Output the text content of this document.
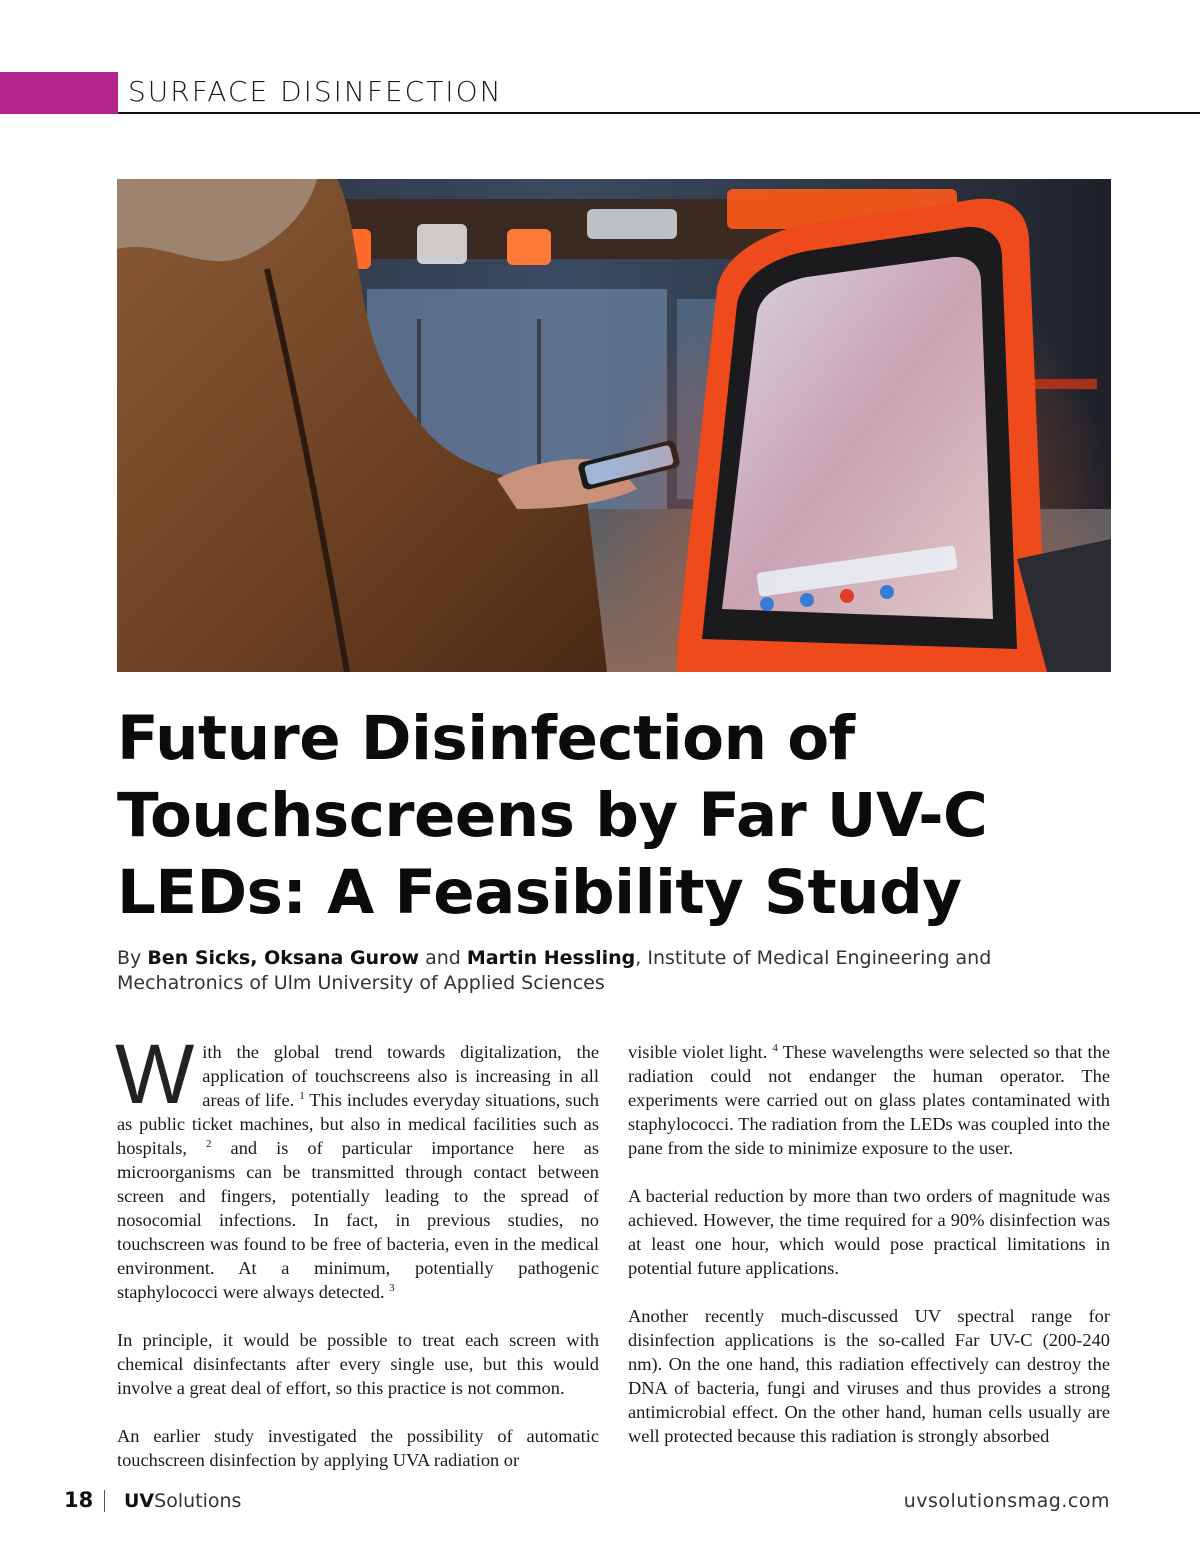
SURFACE DISINFECTION
Future Disinfection of Touchscreens by Far UV-C LEDs: A Feasibility Study

By Ben Sicks, Oksana Gurow and Martin Hessling, Institute of Medical Engineering and Mechatronics of Ulm University of Applied Sciences

With the global trend towards digitalization, the application of touchscreens also is increasing in all areas of life. $^1$ This includes everyday situations, such as public ticket machines, but also in medical facilities such as hospitals, $^2$ and is of particular importance here as microorganisms can be transmitted through contact between screen and fingers, potentially leading to the spread of nosocomial infections. In fact, in previous studies, no touchscreen was found to be free of bacteria, even in the medical environment. At a minimum, potentially pathogenic staphylococci were always detected. $^3$

In principle, it would be possible to treat each screen with chemical disinfectants after every single use, but this would involve a great deal of effort, so this practice is not common.

An earlier study investigated the possibility of automatic touchscreen disinfection by applying UVA radiation or

visible violet light. $^4$ These wavelengths were selected so that the radiation could not endanger the human operator. The experiments were carried out on glass plates contaminated with staphylococci. The radiation from the LEDs was coupled into the pane from the side to minimize exposure to the user.

A bacterial reduction by more than two orders of magnitude was achieved. However, the time required for a 90% disinfection was at least one hour, which would pose practical limitations in potential future applications.

Another recently much-discussed UV spectral range for disinfection applications is the so-called Far UV-C (200-240 nm). On the one hand, this radiation effectively can destroy the DNA of bacteria, fungi and viruses and thus provides a strong antimicrobial effect. On the other hand, human cells usually are well protected because this radiation is strongly absorbed

18 UVSolutions	uvsolutionsmag.com
